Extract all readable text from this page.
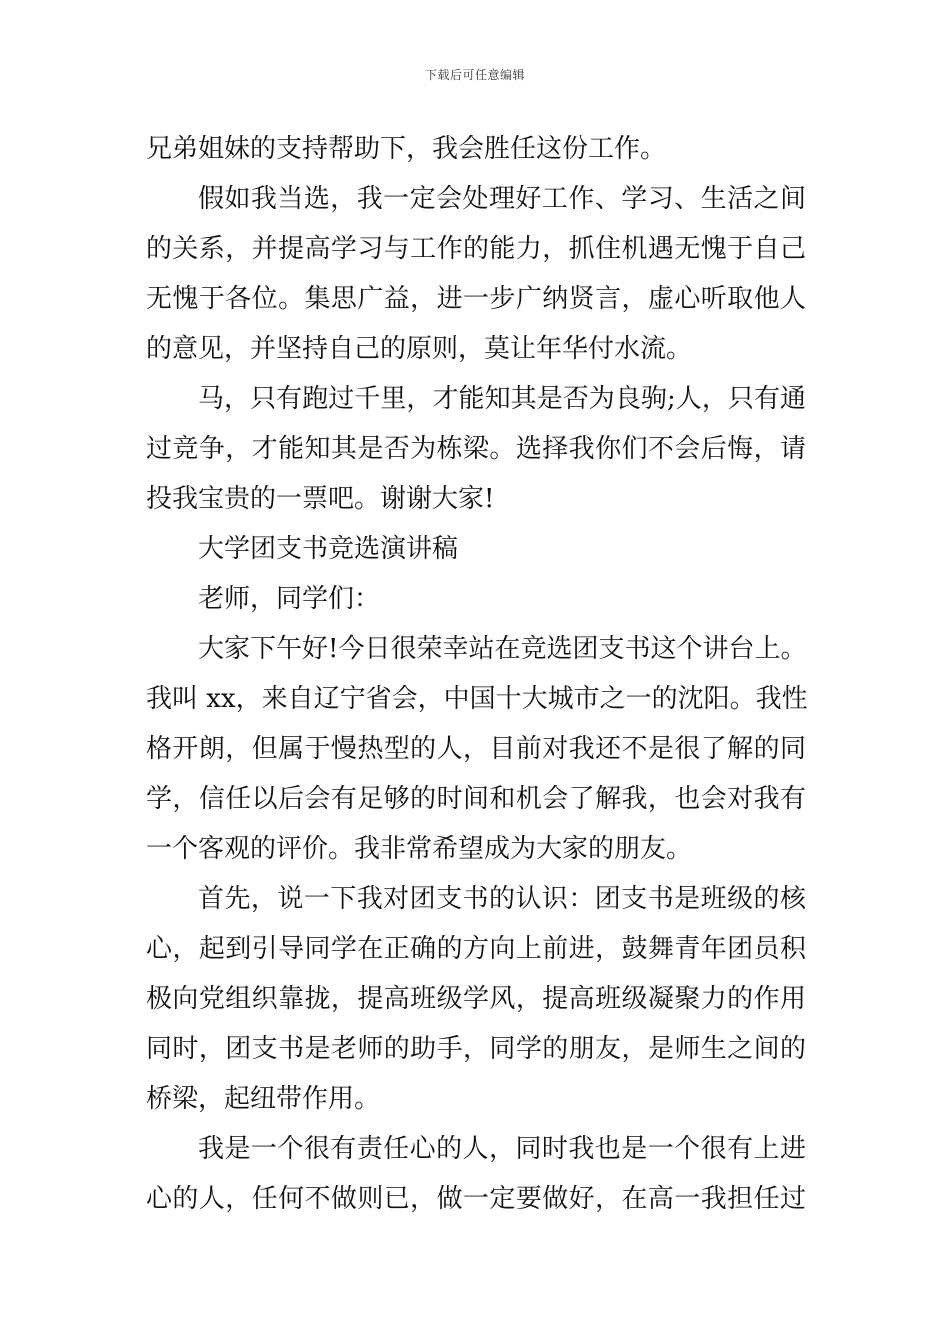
下载后可任意编辑
兄弟姐妹的支持帮助下，我会胜任这份工作。
假如我当选，我一定会处理好工作、学习、生活之间
的关系，并提高学习与工作的能力，抓住机遇无愧于自己
无愧于各位。集思广益，进一步广纳贤言，虚心听取他人
的意见，并坚持自己的原则，莫让年华付水流。
马，只有跑过千里，才能知其是否为良驹;人，只有通
过竞争，才能知其是否为栋梁。选择我你们不会后悔，请
投我宝贵的一票吧。谢谢大家!
大学团支书竞选演讲稿
老师，同学们：
大家下午好!今日很荣幸站在竞选团支书这个讲台上。
我叫 xx，来自辽宁省会，中国十大城市之一的沈阳。我性
格开朗，但属于慢热型的人，目前对我还不是很了解的同
学，信任以后会有足够的时间和机会了解我，也会对我有
一个客观的评价。我非常希望成为大家的朋友。
首先，说一下我对团支书的认识：团支书是班级的核
心，起到引导同学在正确的方向上前进，鼓舞青年团员积
极向党组织靠拢，提高班级学风，提高班级凝聚力的作用
同时，团支书是老师的助手，同学的朋友，是师生之间的
桥梁，起纽带作用。
我是一个很有责任心的人，同时我也是一个很有上进
心的人，任何不做则已，做一定要做好，在高一我担任过
